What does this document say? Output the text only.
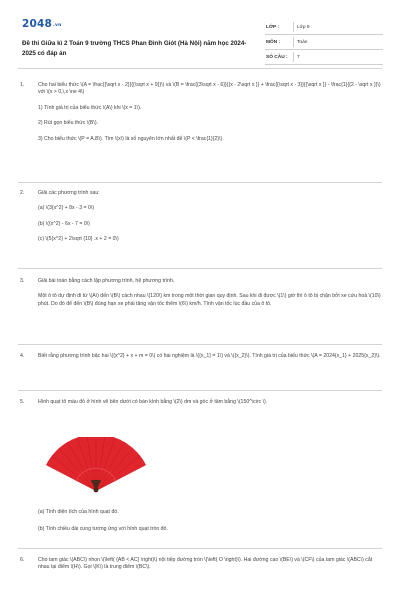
2048.vn
Đề thi Giữa kì 2 Toán 9 trường THCS Phan Đình Giót (Hà Nội) năm học 2024-2025 có đáp án
LỚP :	Lớp 9
MÔN :	Toán
SỐ CÂU : 7
1.	Cho hai biểu thức \(A = \frac{{\sqrt x - 2}}{{\sqrt x + 9}}\) và \(B = \frac{{3\sqrt x - 6}}{{x - 2\sqrt x }} + \frac{{\sqrt x - 3}}{{\sqrt x }} - \frac{1}{{2 - \sqrt x }}\) với \(x > 0,\,x \ne 4\)

1) Tính giá trị của biểu thức \(A\) khi \(x = 1\).

2) Rút gọn biểu thức \(B\).

3) Cho biểu thức \(P = A.B\). Tìm \(x\) là số nguyên lớn nhất để \(P < \frac{1}{2}\).

2.	Giải các phương trình sau:

(a) \(3{x^2} + 8x - 3 = 0\)

(b) \({x^2} - 6x - 7 = 0\)

(c) \(5{x^2} + 2\sqrt {10} .x + 2 = 0\)

3.	Giải bài toán bằng cách lập phương trình, hệ phương trình.

Một ô tô dự định đi từ \(A\) đến \(B\) cách nhau \(120\) km trong một thời gian quy định. Sau khi đi được \(1\) giờ thì ô tô bị chặn bởi xe cứu hoả \(10\) phút. Do đó để đến \(B\) đúng hạn xe phải tăng vận tốc thêm \(6\) km/h. Tính vận tốc lúc đầu của ô tô.

4.	Biết rằng phương trình bậc hai \({x^2} + x + m = 0\) có hai nghiệm là \({x_1} = 1\) và \({x_2}\). Tính giá trị của biểu thức \(A = 2024{x_1} + 2025{x_2}\).

5.	Hình quạt tô màu đỏ ở hình vẽ bên dưới có bán kính bằng \(2\) dm và góc ở tâm bằng \(150^\circ \).

(a) Tính diện tích của hình quạt đó.

(b) Tính chiều dài cung tương ứng với hình quạt tròn đó.

6.	Cho tam giác \(ABC\) nhọn \(\left( {AB < AC} \right)\) nội tiếp đường tròn \(\left( O \right)\). Hai đường cao \(BE\) và \(CF\) của tam giác \(ABC\) cắt nhau tại điểm \(H\). Gọi \(K\) là trung điểm \(BC\).
